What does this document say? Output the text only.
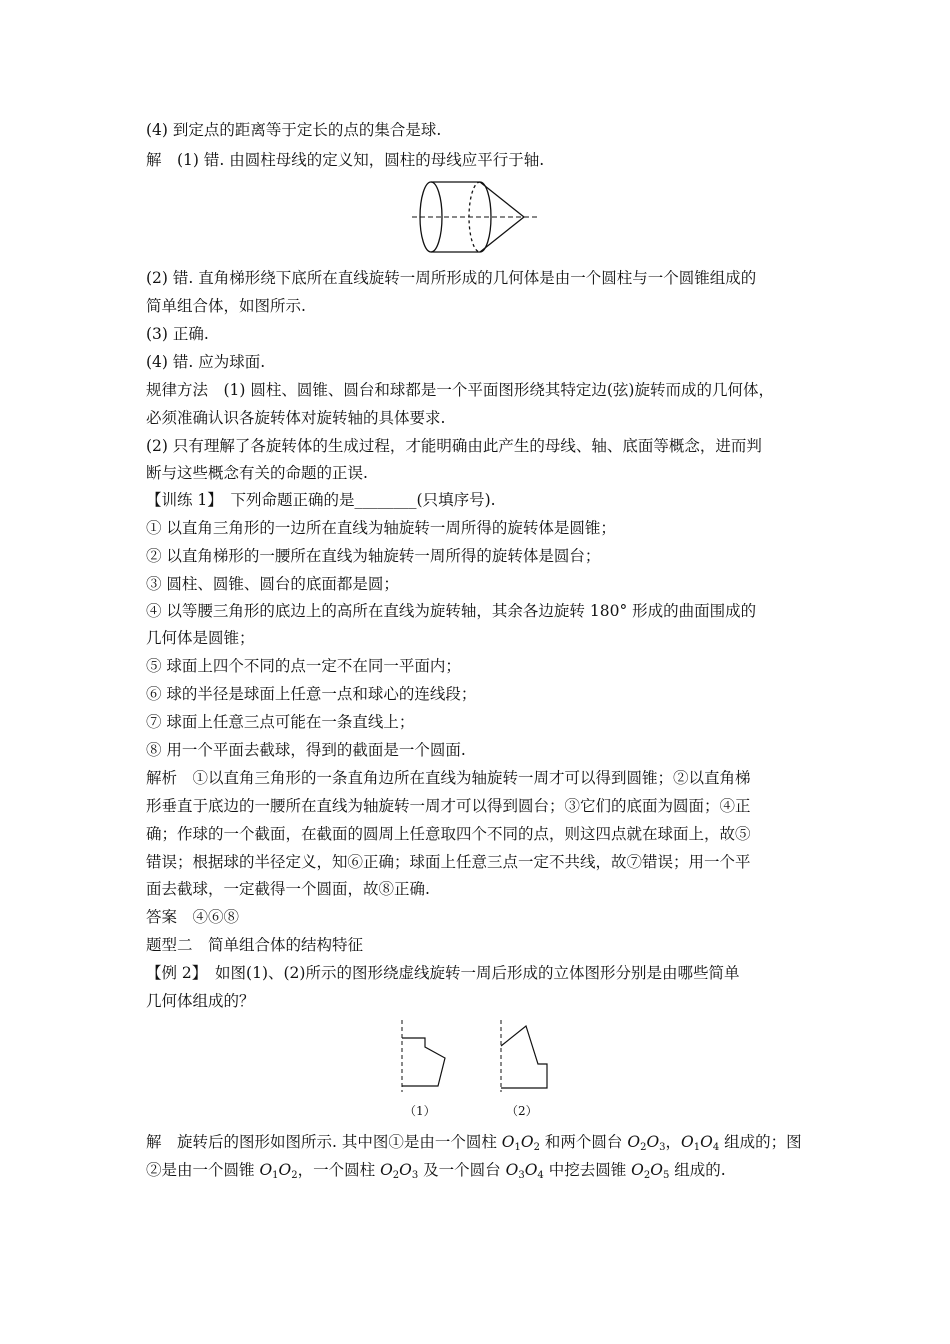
(4) 到定点的距离等于定长的点的集合是球.
解　(1) 错. 由圆柱母线的定义知，圆柱的母线应平行于轴.
(2) 错. 直角梯形绕下底所在直线旋转一周所形成的几何体是由一个圆柱与一个圆锥组成的
简单组合体，如图所示.
(3) 正确.
(4) 错. 应为球面.
规律方法　(1) 圆柱、圆锥、圆台和球都是一个平面图形绕其特定边(弦)旋转而成的几何体，
必须准确认识各旋转体对旋转轴的具体要求.
(2) 只有理解了各旋转体的生成过程，才能明确由此产生的母线、轴、底面等概念，进而判
断与这些概念有关的命题的正误.
【训练 1】　下列命题正确的是________(只填序号).
① 以直角三角形的一边所在直线为轴旋转一周所得的旋转体是圆锥；
② 以直角梯形的一腰所在直线为轴旋转一周所得的旋转体是圆台；
③ 圆柱、圆锥、圆台的底面都是圆；
④ 以等腰三角形的底边上的高所在直线为旋转轴，其余各边旋转 180° 形成的曲面围成的
几何体是圆锥；
⑤ 球面上四个不同的点一定不在同一平面内；
⑥ 球的半径是球面上任意一点和球心的连线段；
⑦ 球面上任意三点可能在一条直线上；
⑧ 用一个平面去截球，得到的截面是一个圆面.
解析　①以直角三角形的一条直角边所在直线为轴旋转一周才可以得到圆锥；②以直角梯
形垂直于底边的一腰所在直线为轴旋转一周才可以得到圆台；③它们的底面为圆面；④正
确；作球的一个截面，在截面的圆周上任意取四个不同的点，则这四点就在球面上，故⑤
错误；根据球的半径定义，知⑥正确；球面上任意三点一定不共线，故⑦错误；用一个平
面去截球，一定截得一个圆面，故⑧正确.
答案　④⑥⑧
题型二　简单组合体的结构特征
【例 2】　如图(1)、(2)所示的图形绕虚线旋转一周后形成的立体图形分别是由哪些简单
几何体组成的？
（1）	（2）
解　旋转后的图形如图所示. 其中图①是由一个圆柱 $O_1O_2$ 和两个圆台 $O_2O_3$，$O_1O_4$ 组成的；图
②是由一个圆锥 $O_1O_2$，一个圆柱 $O_2O_3$ 及一个圆台 $O_3O_4$ 中挖去圆锥 $O_2O_5$ 组成的.
